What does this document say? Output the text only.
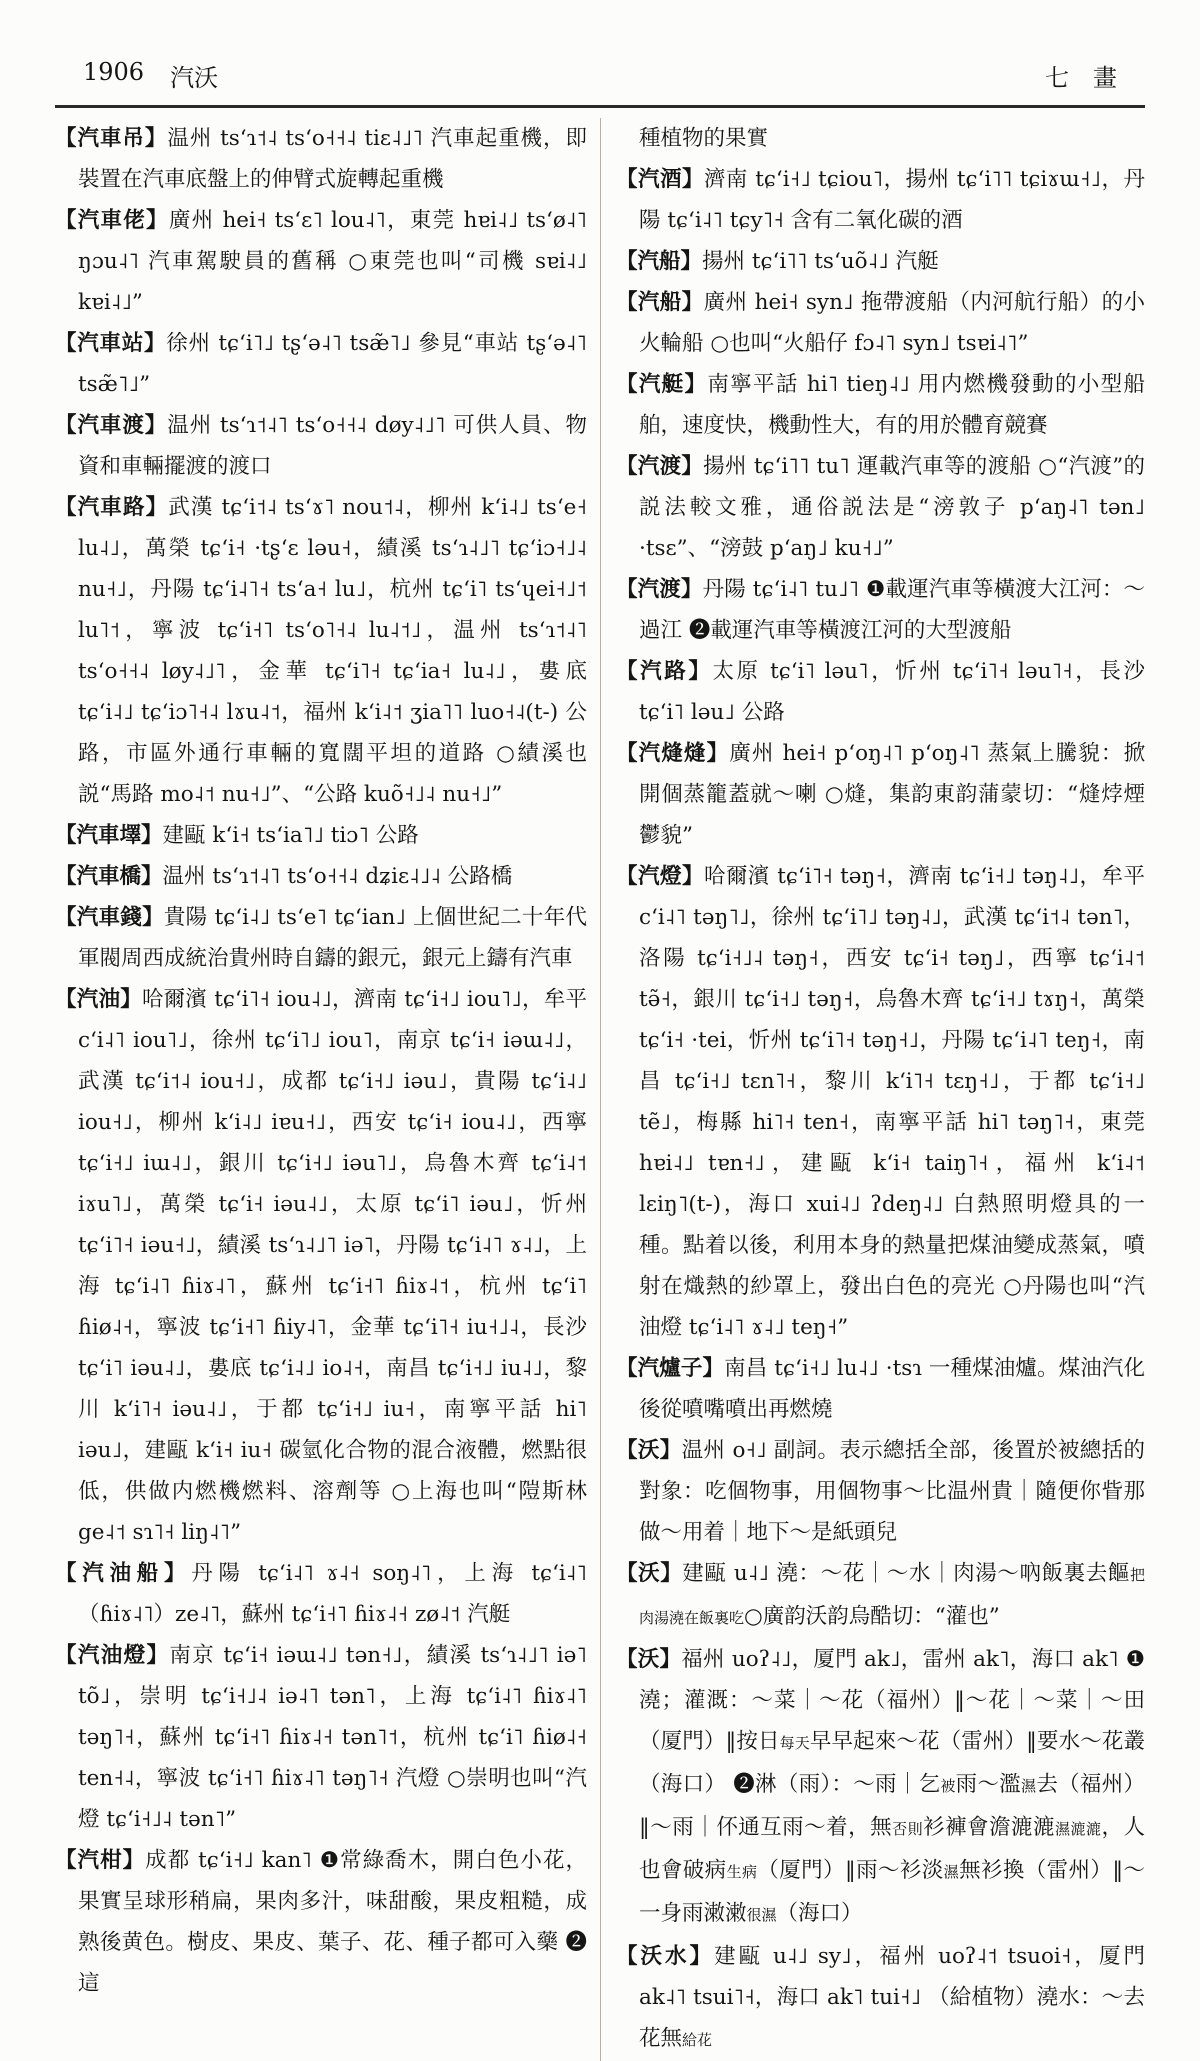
1906 汽沃	七　畫
【汽車吊】温州 tsʻɿ˦˨ tsʻo˧˧˨ tiɛ˨˩˥ 汽車起重機，即裝置在汽車底盤上的伸臂式旋轉起重機
【汽車佬】廣州 hei˧ tsʻɛ˥ lou˨˥，東莞 hɐi˨˩ tsʻø˨˥ ŋɔu˨˥ 汽車駕駛員的舊稱 ○東莞也叫“司機 sɐi˨˩ kɐi˨˩”
【汽車站】徐州 tɕʻi˥˩ tʂʻə˨˥ tsæ̃˥˩ 參見“車站 tʂʻə˨˥ tsæ̃˥˩”
【汽車渡】温州 tsʻɿ˦˨˥ tsʻo˧˧˨ døy˨˩˥ 可供人員、物資和車輛擺渡的渡口
【汽車路】武漢 tɕʻi˦˨ tsʻɤ˥ nou˦˨，柳州 kʻi˨˩ tsʻe˧ lu˨˩，萬榮 tɕʻi˧ ·tʂʻɛ ləu˧，績溪 tsʻɿ˨˩˥ tɕʻiɔ˧˩˨ nu˧˩，丹陽 tɕʻi˨˥˧ tsʻa˧ lu˩，杭州 tɕʻi˥ tsʻɥei˧˩˦ lu˥˦，寧波 tɕʻi˧˥ tsʻo˥˧˨ lu˨˦˩，温州 tsʻɿ˦˨˥ tsʻo˧˧˨ løy˨˩˥，金華 tɕʻi˥˧ tɕʻia˧ lu˨˩，婁底 tɕʻi˨˩ tɕʻiɔ˥˧˨ lɤu˨˦，福州 kʻi˨˦ ʒia˥˥ luo˧˨(t-) 公路，市區外通行車輛的寬闊平坦的道路 ○績溪也説“馬路 mo˨˦ nu˧˩”、“公路 kuõ˧˩˨ nu˧˩”
【汽車墿】建甌 kʻi˧ tsʻia˥˩ tiɔ˥ 公路
【汽車橋】温州 tsʻɿ˦˨˥ tsʻo˧˧˨ dʑiɛ˨˩˨ 公路橋
【汽車錢】貴陽 tɕʻi˨˩ tsʻe˥ tɕʻian˩ 上個世紀二十年代軍閥周西成統治貴州時自鑄的銀元，銀元上鑄有汽車
【汽油】哈爾濱 tɕʻi˥˧ iou˨˩，濟南 tɕʻi˧˩ iou˥˩，牟平 cʻi˨˥ iou˥˩，徐州 tɕʻi˥˩ iou˥，南京 tɕʻi˧ iəɯ˨˩，武漢 tɕʻi˦˨ iou˧˩，成都 tɕʻi˧˩ iəu˩，貴陽 tɕʻi˨˩ iou˧˩，柳州 kʻi˨˩ iɐu˧˩，西安 tɕʻi˧ iou˨˩，西寧 tɕʻi˧˩ iɯ˨˩，銀川 tɕʻi˧˩ iəu˥˩，烏魯木齊 tɕʻi˨˦ iɤu˥˩，萬榮 tɕʻi˧ iəu˨˩，太原 tɕʻi˥ iəu˩，忻州 tɕʻi˥˧ iəu˧˩，績溪 tsʻɿ˨˩˥ iə˥，丹陽 tɕʻi˨˥ ɤ˨˩，上海 tɕʻi˨˥ ɦiɤ˨˥，蘇州 tɕʻi˧˥ ɦiɤ˨˦，杭州 tɕʻi˥ ɦiø˨˧，寧波 tɕʻi˧˥ ɦiy˨˥，金華 tɕʻi˥˧ iu˧˩˨，長沙 tɕʻi˥ iəu˨˩，婁底 tɕʻi˨˩ io˨˧，南昌 tɕʻi˧˩ iu˨˩，黎川 kʻi˥˧ iəu˨˩，于都 tɕʻi˧˩ iu˧，南寧平話 hi˥ iəu˩，建甌 kʻi˧ iu˧ 碳氫化合物的混合液體，燃點很低，供做内燃機燃料、溶劑等 ○上海也叫“隑斯林 ge˨˦ sɿ˥˧ liŋ˨˥”
【汽油船】丹陽 tɕʻi˨˥ ɤ˨˧ soŋ˨˥，上海 tɕʻi˨˥（ɦiɤ˨˥）ze˨˥，蘇州 tɕʻi˧˥ ɦiɤ˨˧ zø˨˦ 汽艇
【汽油燈】南京 tɕʻi˧ iəɯ˨˩ tən˧˩，績溪 tsʻɿ˨˩˥ iə˥ tõ˩，崇明 tɕʻi˧˩˨ iə˨˥ tən˥，上海 tɕʻi˨˥ ɦiɤ˨˥ təŋ˥˧，蘇州 tɕʻi˧˥ ɦiɤ˨˧ tən˥˦，杭州 tɕʻi˥ ɦiø˨˧ ten˧˨，寧波 tɕʻi˧˥ ɦiɤ˨˥ təŋ˥˧ 汽燈 ○崇明也叫“汽燈 tɕʻi˧˩˨ tən˥”
【汽柑】成都 tɕʻi˧˩ kan˥ ❶常綠喬木，開白色小花，果實呈球形稍扁，果肉多汁，味甜酸，果皮粗糙，成熟後黄色。樹皮、果皮、葉子、花、種子都可入藥 ❷這
種植物的果實
【汽酒】濟南 tɕʻi˧˩ tɕiou˥，揚州 tɕʻi˥˥ tɕiɤɯ˧˩，丹陽 tɕʻi˨˥ tɕy˥˧ 含有二氧化碳的酒
【汽船】揚州 tɕʻi˥˥ tsʻuõ˨˩ 汽艇
【汽船】廣州 hei˧ syn˩ 拖帶渡船（内河航行船）的小火輪船 ○也叫“火船仔 fɔ˨˥ syn˩ tsɐi˨˥”
【汽艇】南寧平話 hi˥ tieŋ˨˩ 用内燃機發動的小型船舶，速度快，機動性大，有的用於體育競賽
【汽渡】揚州 tɕʻi˥˥ tu˥ 運載汽車等的渡船 ○“汽渡”的説法較文雅，通俗説法是“滂敦子 pʻaŋ˨˥ tən˩ ·tsɛ”、“滂鼓 pʻaŋ˩ ku˧˩”
【汽渡】丹陽 tɕʻi˨˥ tu˩˥ ❶載運汽車等橫渡大江河：～過江 ❷載運汽車等橫渡江河的大型渡船
【汽路】太原 tɕʻi˥ ləu˥，忻州 tɕʻi˥˧ ləu˥˧，長沙 tɕʻi˥ ləu˩ 公路
【汽熢熢】廣州 hei˧ pʻoŋ˨˥ pʻoŋ˨˥ 蒸氣上騰貌：掀開個蒸籠蓋就～喇 ○熢，集韵東韵蒲蒙切：“熢㶿煙鬱貌”
【汽燈】哈爾濱 tɕʻi˥˧ təŋ˧，濟南 tɕʻi˧˩ təŋ˨˩，牟平 cʻi˨˥ təŋ˥˩，徐州 tɕʻi˥˩ təŋ˨˩，武漢 tɕʻi˦˨ tən˥，洛陽 tɕʻi˧˩˨ təŋ˧，西安 tɕʻi˧ təŋ˩，西寧 tɕʻi˨˦ tə̃˧，銀川 tɕʻi˧˩ təŋ˧，烏魯木齊 tɕʻi˧˩ tɤŋ˧，萬榮 tɕʻi˧ ·tei，忻州 tɕʻi˥˧ təŋ˧˩，丹陽 tɕʻi˨˥ teŋ˧，南昌 tɕʻi˧˩ tɛn˥˧，黎川 kʻi˥˧ tɛŋ˧˩，于都 tɕʻi˧˩ tẽ˩，梅縣 hi˥˧ ten˧，南寧平話 hi˥ təŋ˥˧，東莞 hɐi˨˩ tɐn˧˩，建甌 kʻi˧ taiŋ˥˧，福州 kʻi˨˦ lɛiŋ˥(t-)，海口 xui˨˩ ʔdeŋ˨˩ 白熱照明燈具的一種。點着以後，利用本身的熱量把煤油變成蒸氣，噴射在熾熱的紗罩上，發出白色的亮光 ○丹陽也叫“汽油燈 tɕʻi˨˥ ɤ˨˩ teŋ˧”
【汽爐子】南昌 tɕʻi˧˩ lu˨˩ ·tsɿ 一種煤油爐。煤油汽化後從噴嘴噴出再燃燒
【沃】温州 o˧˩ 副詞。表示總括全部，後置於被總括的對象：吃個物事，用個物事～比温州貴｜隨便你眥那做～用着｜地下～是紙頭兒
【沃】建甌 u˨˩ 澆：～花｜～水｜肉湯～吶飯裏去饇把肉湯澆在飯裏吃○廣韵沃韵烏酷切：“灌也”
【沃】福州 uoʔ˨˩，厦門 ak˩，雷州 ak˥，海口 ak˥ ❶澆；灌溉：～菜｜～花（福州）‖～花｜～菜｜～田（厦門）‖按日每天早早起來～花（雷州）‖要水～花叢（海口） ❷淋（雨）：～雨｜乞被雨～濫濕去（福州）‖～雨｜伓通互雨～着，無否則衫褲會澹漉漉濕漉漉，人也會破病生病（厦門）‖雨～衫淡濕無衫換（雷州）‖～一身雨潄潄很濕（海口）
【沃水】建甌 u˨˩ sy˩，福州 uoʔ˨˦ tsuoi˧，厦門 ak˨˥ tsui˥˧，海口 ak˥ tui˧˩ （給植物）澆水：～去花無給花
